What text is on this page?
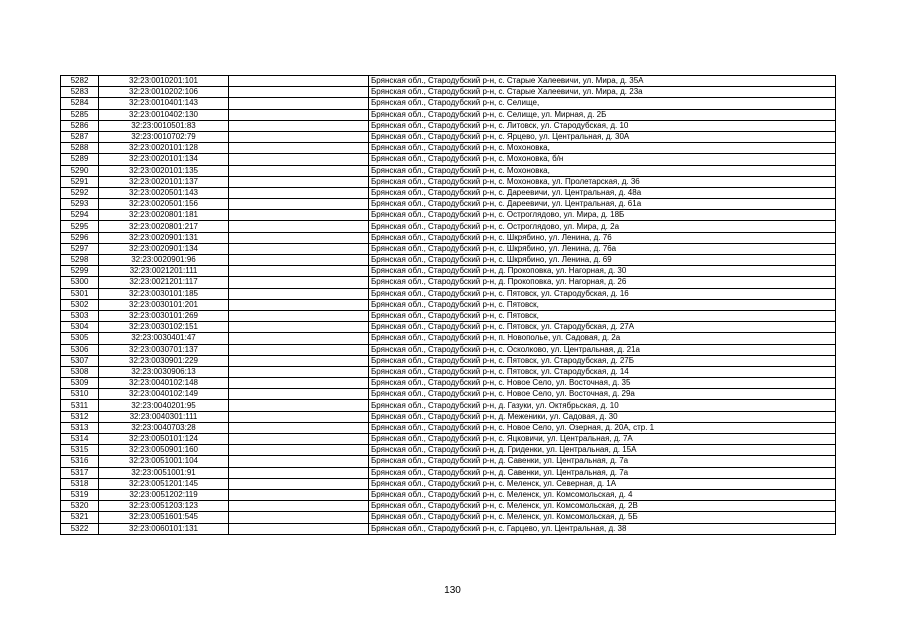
5282	32:23:0010201:101		Брянская обл., Стародубский р-н, с. Старые Халеевичи, ул. Мира, д. 35А
5283	32:23:0010202:106		Брянская обл., Стародубский р-н, с. Старые Халеевичи, ул. Мира, д. 23а
5284	32:23:0010401:143		Брянская обл., Стародубский р-н, с. Селище,
5285	32:23:0010402:130		Брянская обл., Стародубский р-н, с. Селище, ул. Мирная, д. 2Б
5286	32:23:0010501:83		Брянская обл., Стародубский р-н, с. Литовск, ул. Стародубская, д. 10
5287	32:23:0010702:79		Брянская обл., Стародубский р-н, с. Ярцево, ул. Центральная, д. 30А
5288	32:23:0020101:128		Брянская обл., Стародубский р-н, с. Мохоновка,
5289	32:23:0020101:134		Брянская обл., Стародубский р-н, с. Мохоновка, б/н
5290	32:23:0020101:135		Брянская обл., Стародубский р-н, с. Мохоновка,
5291	32:23:0020101:137		Брянская обл., Стародубский р-н, с. Мохоновка, ул. Пролетарская, д. 36
5292	32:23:0020501:143		Брянская обл., Стародубский р-н, с. Дареевичи, ул. Центральная, д. 48а
5293	32:23:0020501:156		Брянская обл., Стародубский р-н, с. Дареевичи, ул. Центральная, д. 61а
5294	32:23:0020801:181		Брянская обл., Стародубский р-н, с. Остроглядово, ул. Мира, д. 18Б
5295	32:23:0020801:217		Брянская обл., Стародубский р-н, с. Остроглядово, ул. Мира, д. 2а
5296	32:23:0020901:131		Брянская обл., Стародубский р-н, с. Шкрябино, ул. Ленина, д. 76
5297	32:23:0020901:134		Брянская обл., Стародубский р-н, с. Шкрябино, ул. Ленина, д. 76а
5298	32:23:0020901:96		Брянская обл., Стародубский р-н, с. Шкрябино, ул. Ленина, д. 69
5299	32:23:0021201:111		Брянская обл., Стародубский р-н, д. Прокоповка, ул. Нагорная, д. 30
5300	32:23:0021201:117		Брянская обл., Стародубский р-н, д. Прокоповка, ул. Нагорная, д. 26
5301	32:23:0030101:185		Брянская обл., Стародубский р-н, с. Пятовск, ул. Стародубская, д. 16
5302	32:23:0030101:201		Брянская обл., Стародубский р-н, с. Пятовск,
5303	32:23:0030101:269		Брянская обл., Стародубский р-н, с. Пятовск,
5304	32:23:0030102:151		Брянская обл., Стародубский р-н, с. Пятовск, ул. Стародубская, д. 27А
5305	32:23:0030401:47		Брянская обл., Стародубский р-н, п. Новополье, ул. Садовая, д. 2а
5306	32:23:0030701:137		Брянская обл., Стародубский р-н, с. Осколково, ул. Центральная, д. 21а
5307	32:23:0030901:229		Брянская обл., Стародубский р-н, с. Пятовск, ул. Стародубская, д. 27Б
5308	32:23:0030906:13		Брянская обл., Стародубский р-н, с. Пятовск, ул. Стародубская, д. 14
5309	32:23:0040102:148		Брянская обл., Стародубский р-н, с. Новое Село, ул. Восточная, д. 35
5310	32:23:0040102:149		Брянская обл., Стародубский р-н, с. Новое Село, ул. Восточная, д. 29а
5311	32:23:0040201:95		Брянская обл., Стародубский р-н, д. Газуки, ул. Октябрьская, д. 10
5312	32:23:0040301:111		Брянская обл., Стародубский р-н, д. Меженики, ул. Садовая, д. 30
5313	32:23:0040703:28		Брянская обл., Стародубский р-н, с. Новое Село, ул. Озерная, д. 20А, стр. 1
5314	32:23:0050101:124		Брянская обл., Стародубский р-н, с. Яцковичи, ул. Центральная, д. 7А
5315	32:23:0050901:160		Брянская обл., Стародубский р-н, д. Гриденки, ул. Центральная, д. 15А
5316	32:23:0051001:104		Брянская обл., Стародубский р-н, д. Савенки, ул. Центральная, д. 7а
5317	32:23:0051001:91		Брянская обл., Стародубский р-н, д. Савенки, ул. Центральная, д. 7а
5318	32:23:0051201:145		Брянская обл., Стародубский р-н, с. Меленск, ул. Северная, д. 1А
5319	32:23:0051202:119		Брянская обл., Стародубский р-н, с. Меленск, ул. Комсомольская, д. 4
5320	32:23:0051203:123		Брянская обл., Стародубский р-н, с. Меленск, ул. Комсомольская, д. 2В
5321	32:23:0051601:545		Брянская обл., Стародубский р-н, с. Меленск, ул. Комсомольская, д. 5Б
5322	32:23:0060101:131		Брянская обл., Стародубский р-н, с. Гарцево, ул. Центральная, д. 38
130
